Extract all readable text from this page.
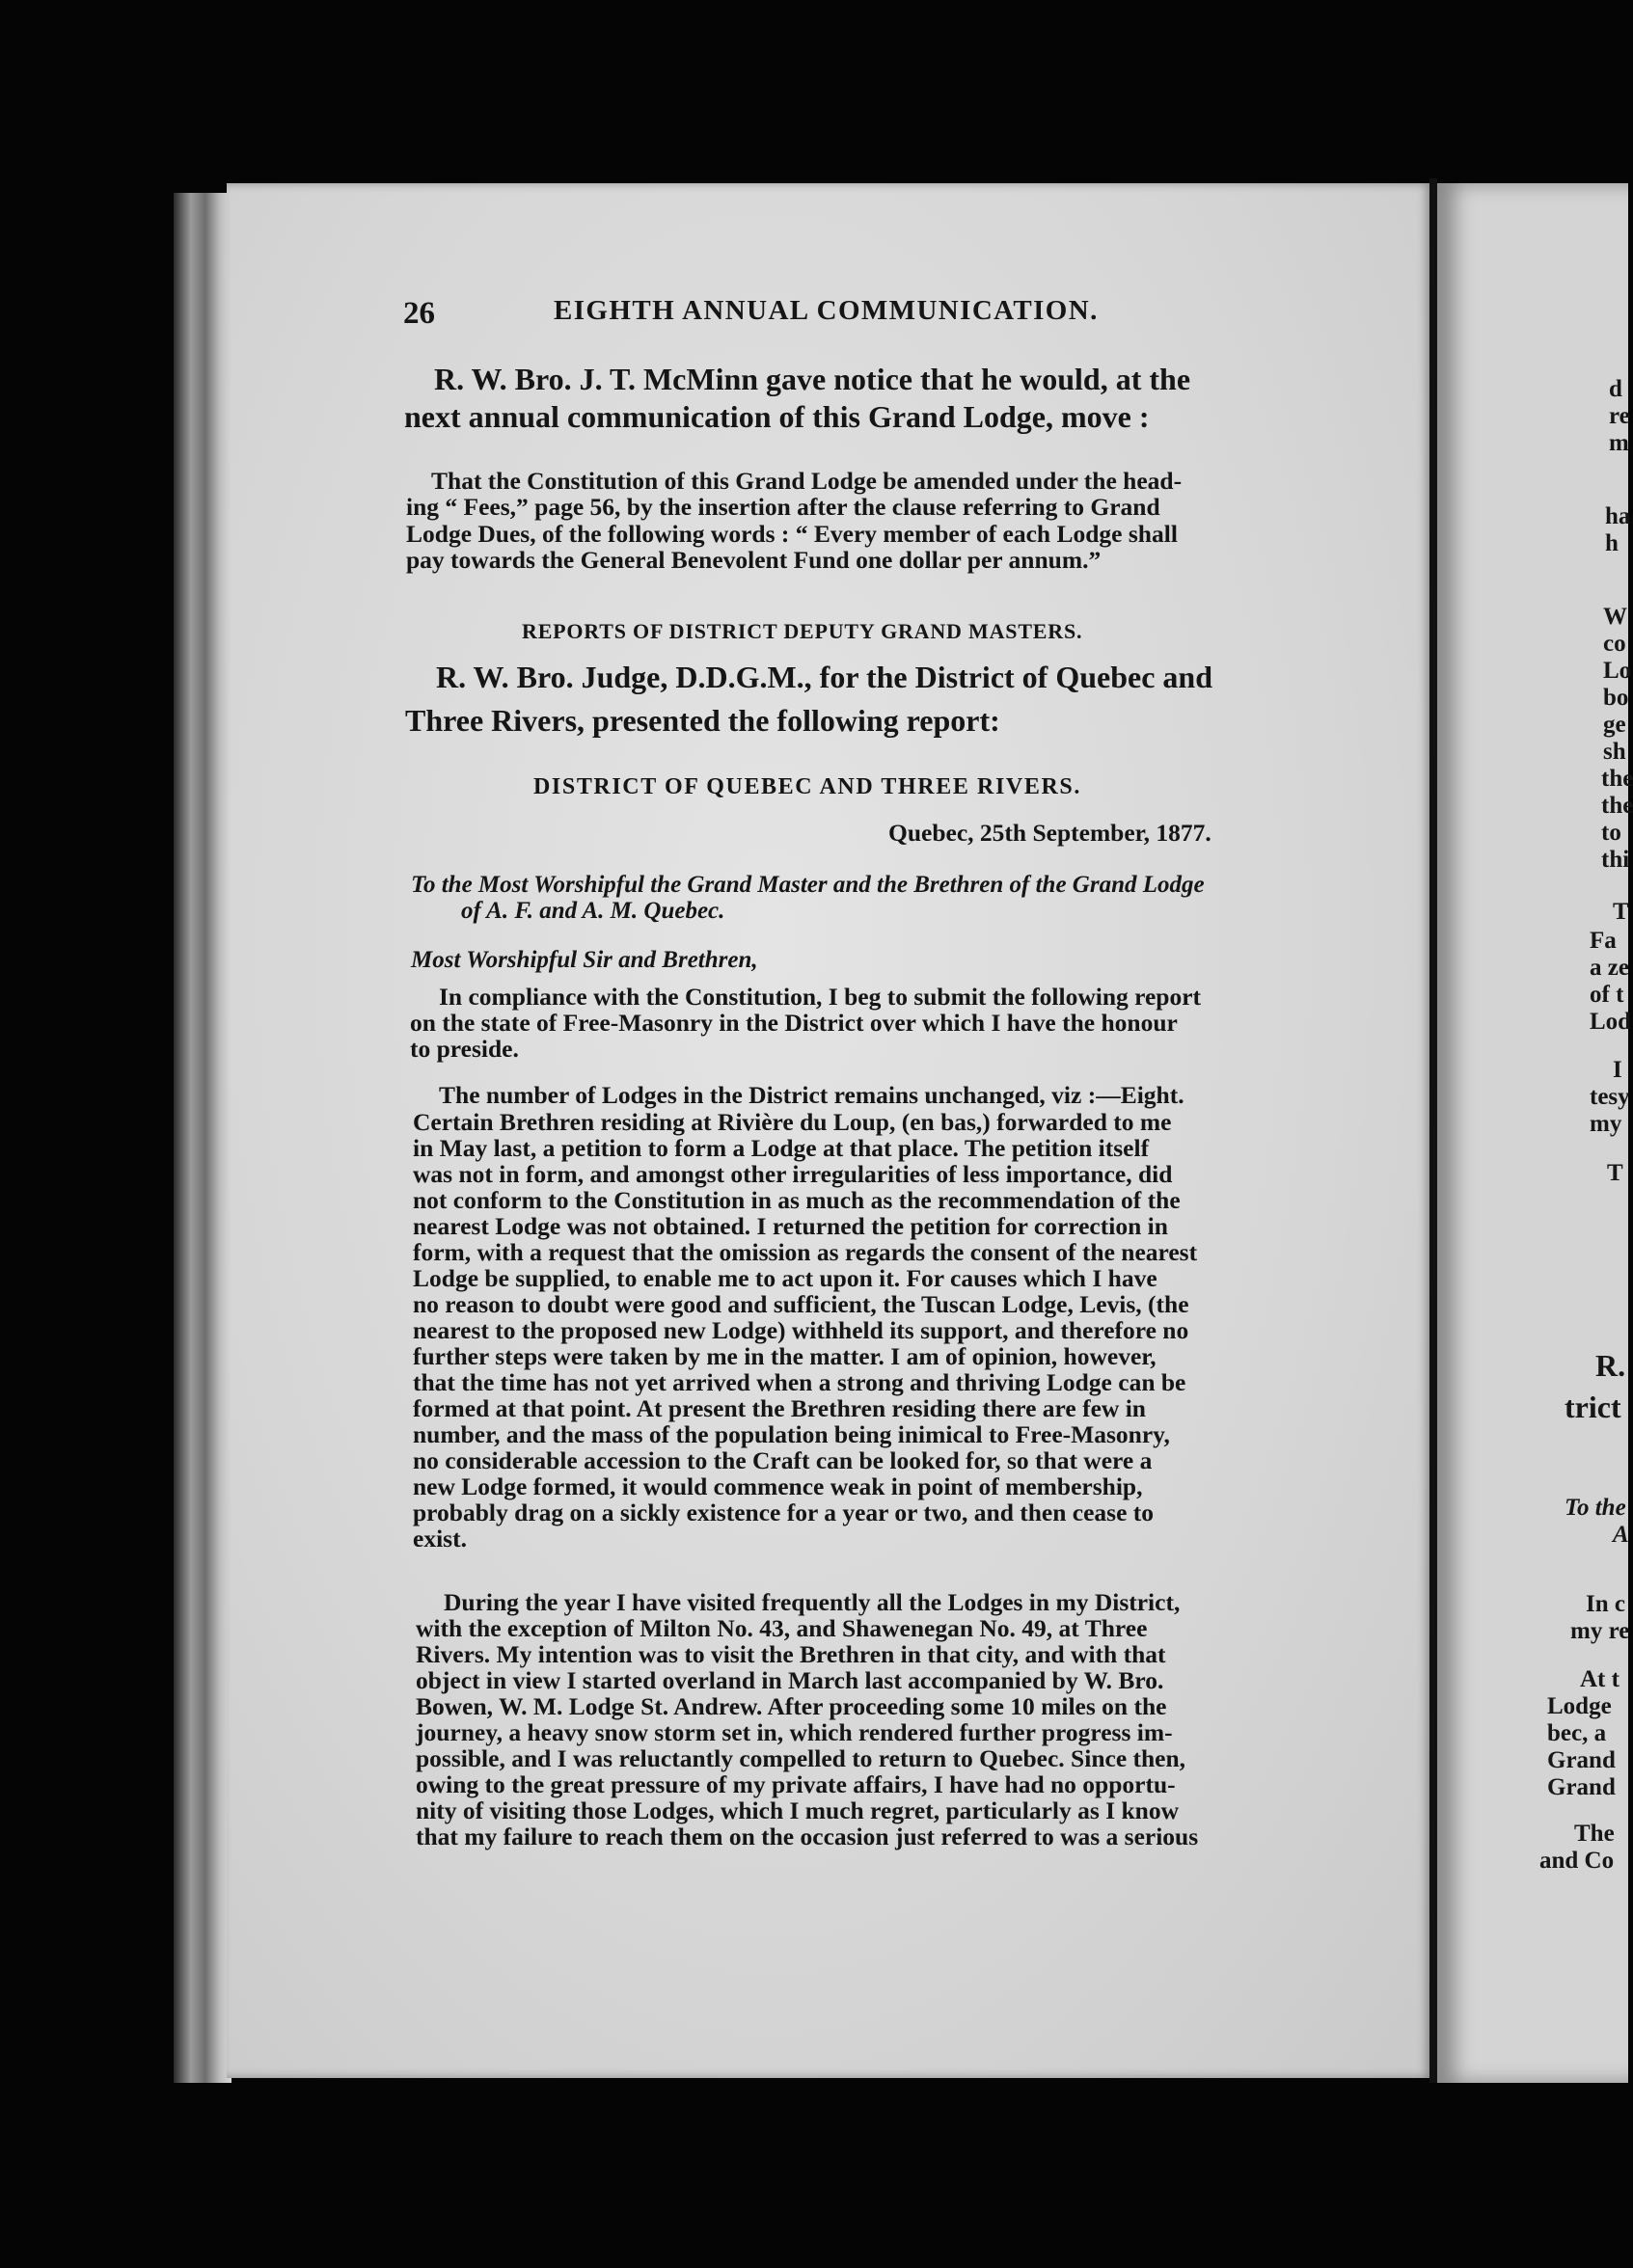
26	EIGHTH ANNUAL COMMUNICATION.
R. W. Bro. J. T. McMinn gave notice that he would, at the
next annual communication of this Grand Lodge, move :
That the Constitution of this Grand Lodge be amended under the head-
ing “ Fees,” page 56, by the insertion after the clause referring to Grand
Lodge Dues, of the following words : “ Every member of each Lodge shall
pay towards the General Benevolent Fund one dollar per annum.”
REPORTS OF DISTRICT DEPUTY GRAND MASTERS.
R. W. Bro. Judge, D.D.G.M., for the District of Quebec and
Three Rivers, presented the following report:
DISTRICT OF QUEBEC AND THREE RIVERS.
Quebec, 25th September, 1877.
To the Most Worshipful the Grand Master and the Brethren of the Grand Lodge
of A. F. and A. M. Quebec.
Most Worshipful Sir and Brethren,
In compliance with the Constitution, I beg to submit the following report
on the state of Free-Masonry in the District over which I have the honour
to preside.
The number of Lodges in the District remains unchanged, viz :—Eight.
Certain Brethren residing at Rivière du Loup, (en bas,) forwarded to me
in May last, a petition to form a Lodge at that place. The petition itself
was not in form, and amongst other irregularities of less importance, did
not conform to the Constitution in as much as the recommendation of the
nearest Lodge was not obtained. I returned the petition for correction in
form, with a request that the omission as regards the consent of the nearest
Lodge be supplied, to enable me to act upon it. For causes which I have
no reason to doubt were good and sufficient, the Tuscan Lodge, Levis, (the
nearest to the proposed new Lodge) withheld its support, and therefore no
further steps were taken by me in the matter. I am of opinion, however,
that the time has not yet arrived when a strong and thriving Lodge can be
formed at that point. At present the Brethren residing there are few in
number, and the mass of the population being inimical to Free-Masonry,
no considerable accession to the Craft can be looked for, so that were a
new Lodge formed, it would commence weak in point of membership,
probably drag on a sickly existence for a year or two, and then cease to
exist.
During the year I have visited frequently all the Lodges in my District,
with the exception of Milton No. 43, and Shawenegan No. 49, at Three
Rivers. My intention was to visit the Brethren in that city, and with that
object in view I started overland in March last accompanied by W. Bro.
Bowen, W. M. Lodge St. Andrew. After proceeding some 10 miles on the
journey, a heavy snow storm set in, which rendered further progress im-
possible, and I was reluctantly compelled to return to Quebec. Since then,
owing to the great pressure of my private affairs, I have had no opportu-
nity of visiting those Lodges, which I much regret, particularly as I know
that my failure to reach them on the occasion just referred to was a serious
d
re
m
ha
h
W
co
Lo
bo
ge
sh
the
the
to
thi
T
Fa
a ze
of t
Lod
I
tesy
my
T
R.
trict
To the
A
In c
my re
At t
Lodge
bec, a
Grand
Grand
The
and Co
